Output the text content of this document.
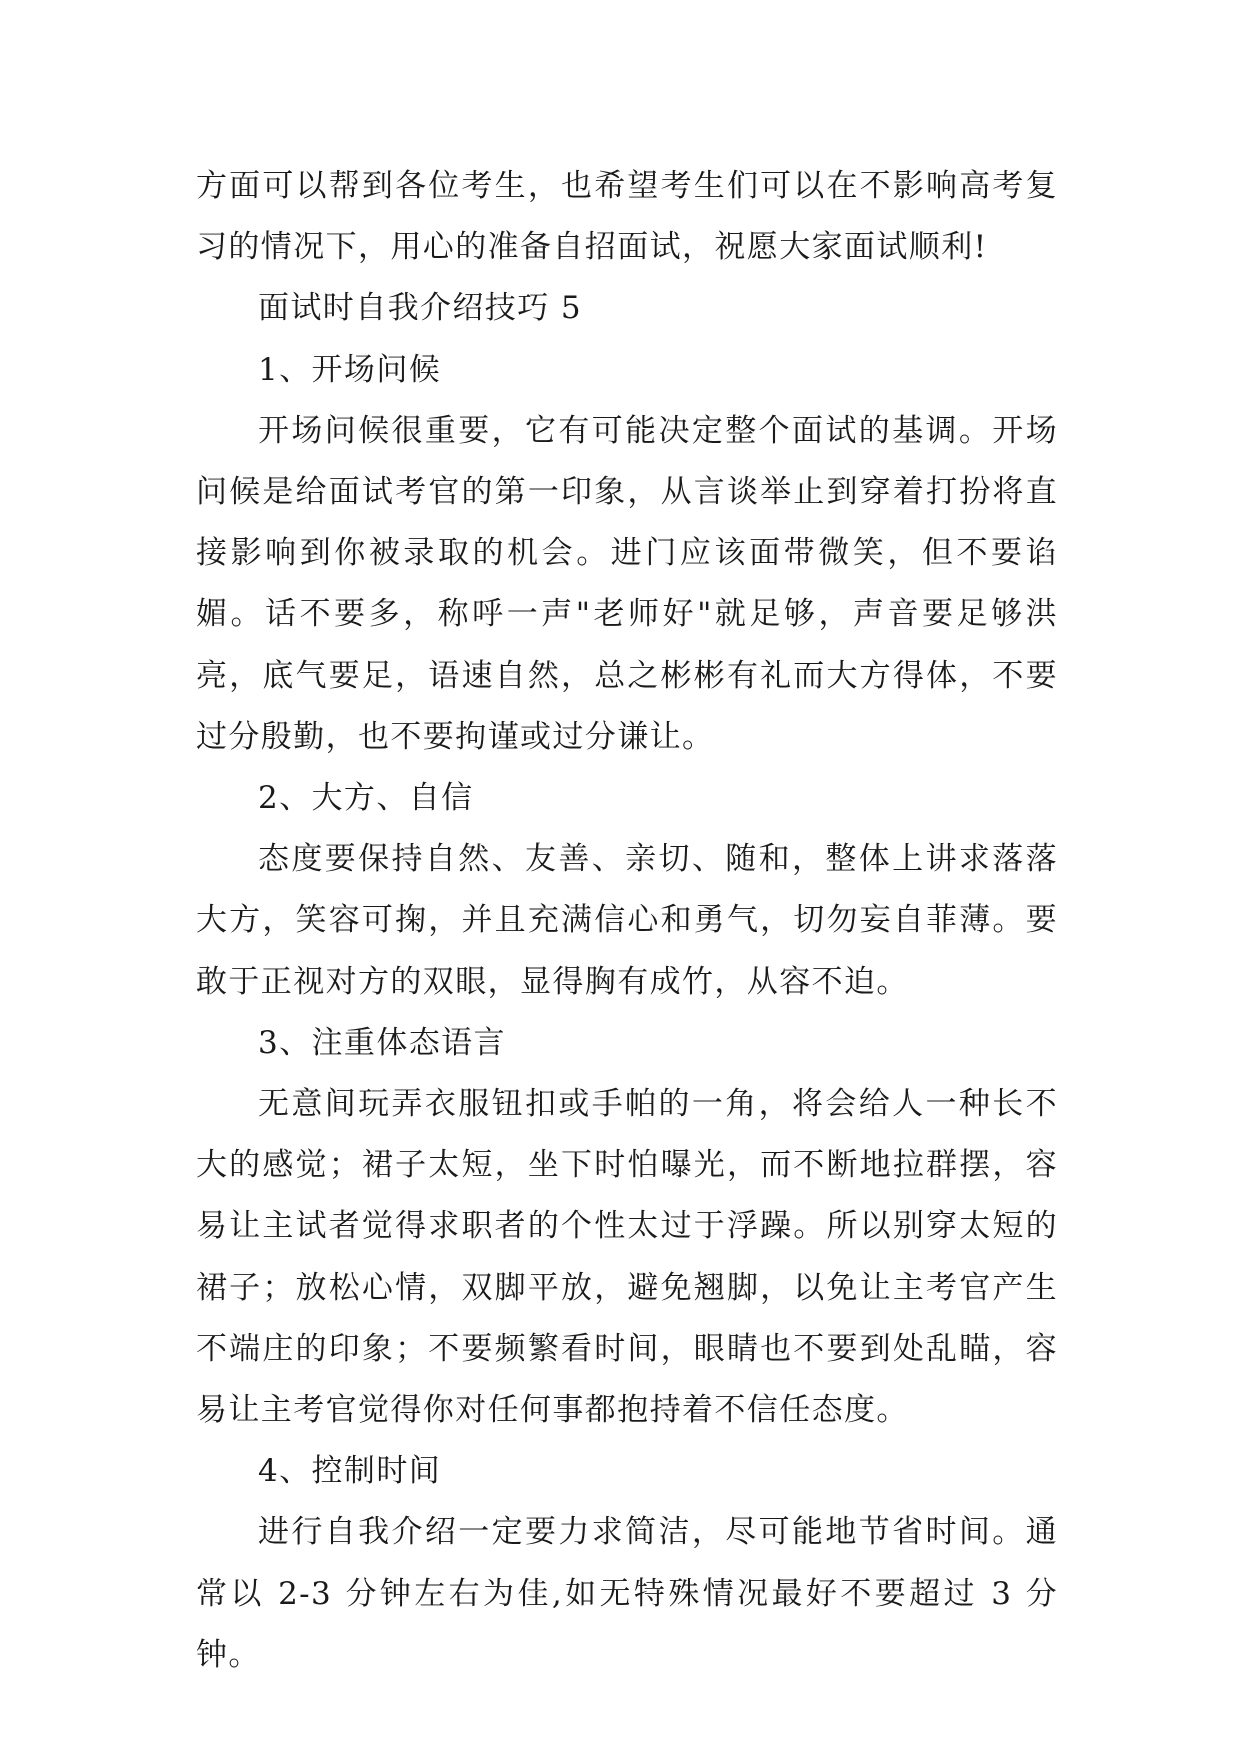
方面可以帮到各位考生，也希望考生们可以在不影响高考复习的情况下，用心的准备自招面试，祝愿大家面试顺利!

面试时自我介绍技巧 5

1、开场问候

开场问候很重要，它有可能决定整个面试的基调。开场问候是给面试考官的第一印象，从言谈举止到穿着打扮将直接影响到你被录取的机会。进门应该面带微笑，但不要谄媚。话不要多，称呼一声"老师好"就足够，声音要足够洪亮，底气要足，语速自然，总之彬彬有礼而大方得体，不要过分殷勤，也不要拘谨或过分谦让。

2、大方、自信

态度要保持自然、友善、亲切、随和，整体上讲求落落大方，笑容可掬，并且充满信心和勇气，切勿妄自菲薄。要敢于正视对方的双眼，显得胸有成竹，从容不迫。

3、注重体态语言

无意间玩弄衣服钮扣或手帕的一角，将会给人一种长不大的感觉；裙子太短，坐下时怕曝光，而不断地拉群摆，容易让主试者觉得求职者的个性太过于浮躁。所以别穿太短的裙子；放松心情，双脚平放，避免翘脚，以免让主考官产生不端庄的印象；不要频繁看时间，眼睛也不要到处乱瞄，容易让主考官觉得你对任何事都抱持着不信任态度。

4、控制时间

进行自我介绍一定要力求简洁，尽可能地节省时间。通常以 2-3 分钟左右为佳,如无特殊情况最好不要超过 3 分钟。
